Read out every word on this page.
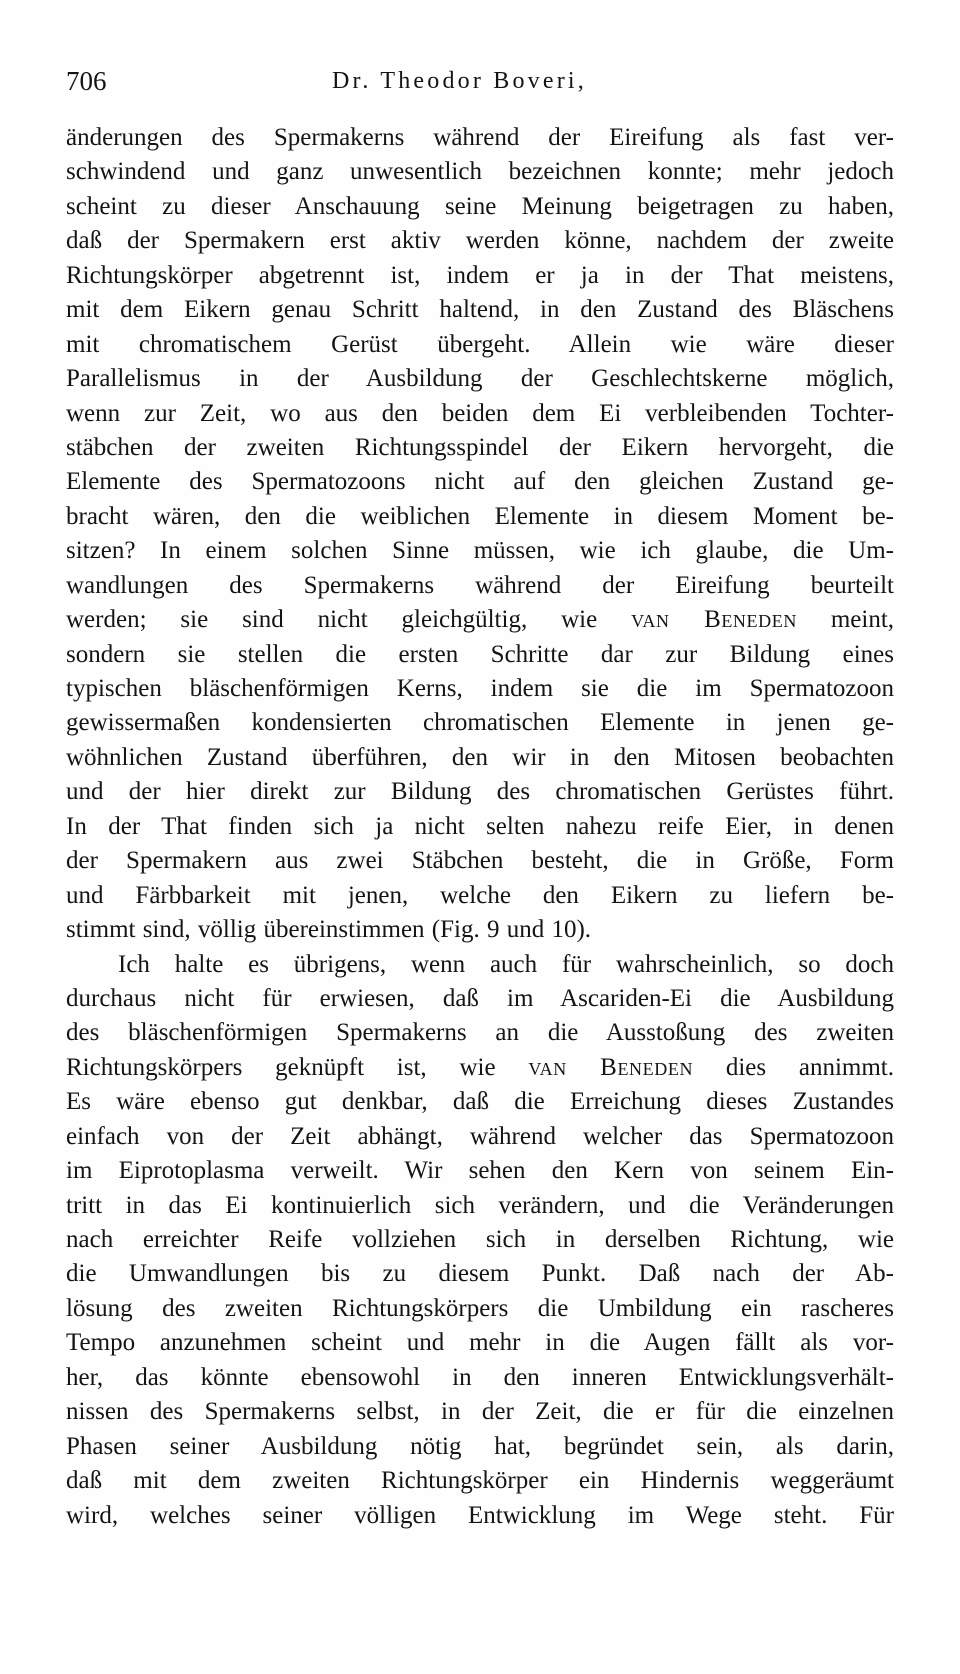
706	Dr. Theodor Boveri,
änderungen des Spermakerns während der Eireifung als fast ver-
schwindend und ganz unwesentlich bezeichnen konnte; mehr jedoch
scheint zu dieser Anschauung seine Meinung beigetragen zu haben,
daß der Spermakern erst aktiv werden könne, nachdem der zweite
Richtungskörper abgetrennt ist, indem er ja in der That meistens,
mit dem Eikern genau Schritt haltend, in den Zustand des Bläschens
mit chromatischem Gerüst übergeht. Allein wie wäre dieser
Parallelismus in der Ausbildung der Geschlechtskerne möglich,
wenn zur Zeit, wo aus den beiden dem Ei verbleibenden Tochter-
stäbchen der zweiten Richtungsspindel der Eikern hervorgeht, die
Elemente des Spermatozoons nicht auf den gleichen Zustand ge-
bracht wären, den die weiblichen Elemente in diesem Moment be-
sitzen? In einem solchen Sinne müssen, wie ich glaube, die Um-
wandlungen des Spermakerns während der Eireifung beurteilt
werden; sie sind nicht gleichgültig, wie van Beneden meint,
sondern sie stellen die ersten Schritte dar zur Bildung eines
typischen bläschenförmigen Kerns, indem sie die im Spermatozoon
gewissermaßen kondensierten chromatischen Elemente in jenen ge-
wöhnlichen Zustand überführen, den wir in den Mitosen beobachten
und der hier direkt zur Bildung des chromatischen Gerüstes führt.
In der That finden sich ja nicht selten nahezu reife Eier, in denen
der Spermakern aus zwei Stäbchen besteht, die in Größe, Form
und Färbbarkeit mit jenen, welche den Eikern zu liefern be-
stimmt sind, völlig übereinstimmen (Fig. 9 und 10).
Ich halte es übrigens, wenn auch für wahrscheinlich, so doch
durchaus nicht für erwiesen, daß im Ascariden-Ei die Ausbildung
des bläschenförmigen Spermakerns an die Ausstoßung des zweiten
Richtungskörpers geknüpft ist, wie van Beneden dies annimmt.
Es wäre ebenso gut denkbar, daß die Erreichung dieses Zustandes
einfach von der Zeit abhängt, während welcher das Spermatozoon
im Eiprotoplasma verweilt. Wir sehen den Kern von seinem Ein-
tritt in das Ei kontinuierlich sich verändern, und die Veränderungen
nach erreichter Reife vollziehen sich in derselben Richtung, wie
die Umwandlungen bis zu diesem Punkt. Daß nach der Ab-
lösung des zweiten Richtungskörpers die Umbildung ein rascheres
Tempo anzunehmen scheint und mehr in die Augen fällt als vor-
her, das könnte ebensowohl in den inneren Entwicklungsverhält-
nissen des Spermakerns selbst, in der Zeit, die er für die einzelnen
Phasen seiner Ausbildung nötig hat, begründet sein, als darin,
daß mit dem zweiten Richtungskörper ein Hindernis weggeräumt
wird, welches seiner völligen Entwicklung im Wege steht. Für
